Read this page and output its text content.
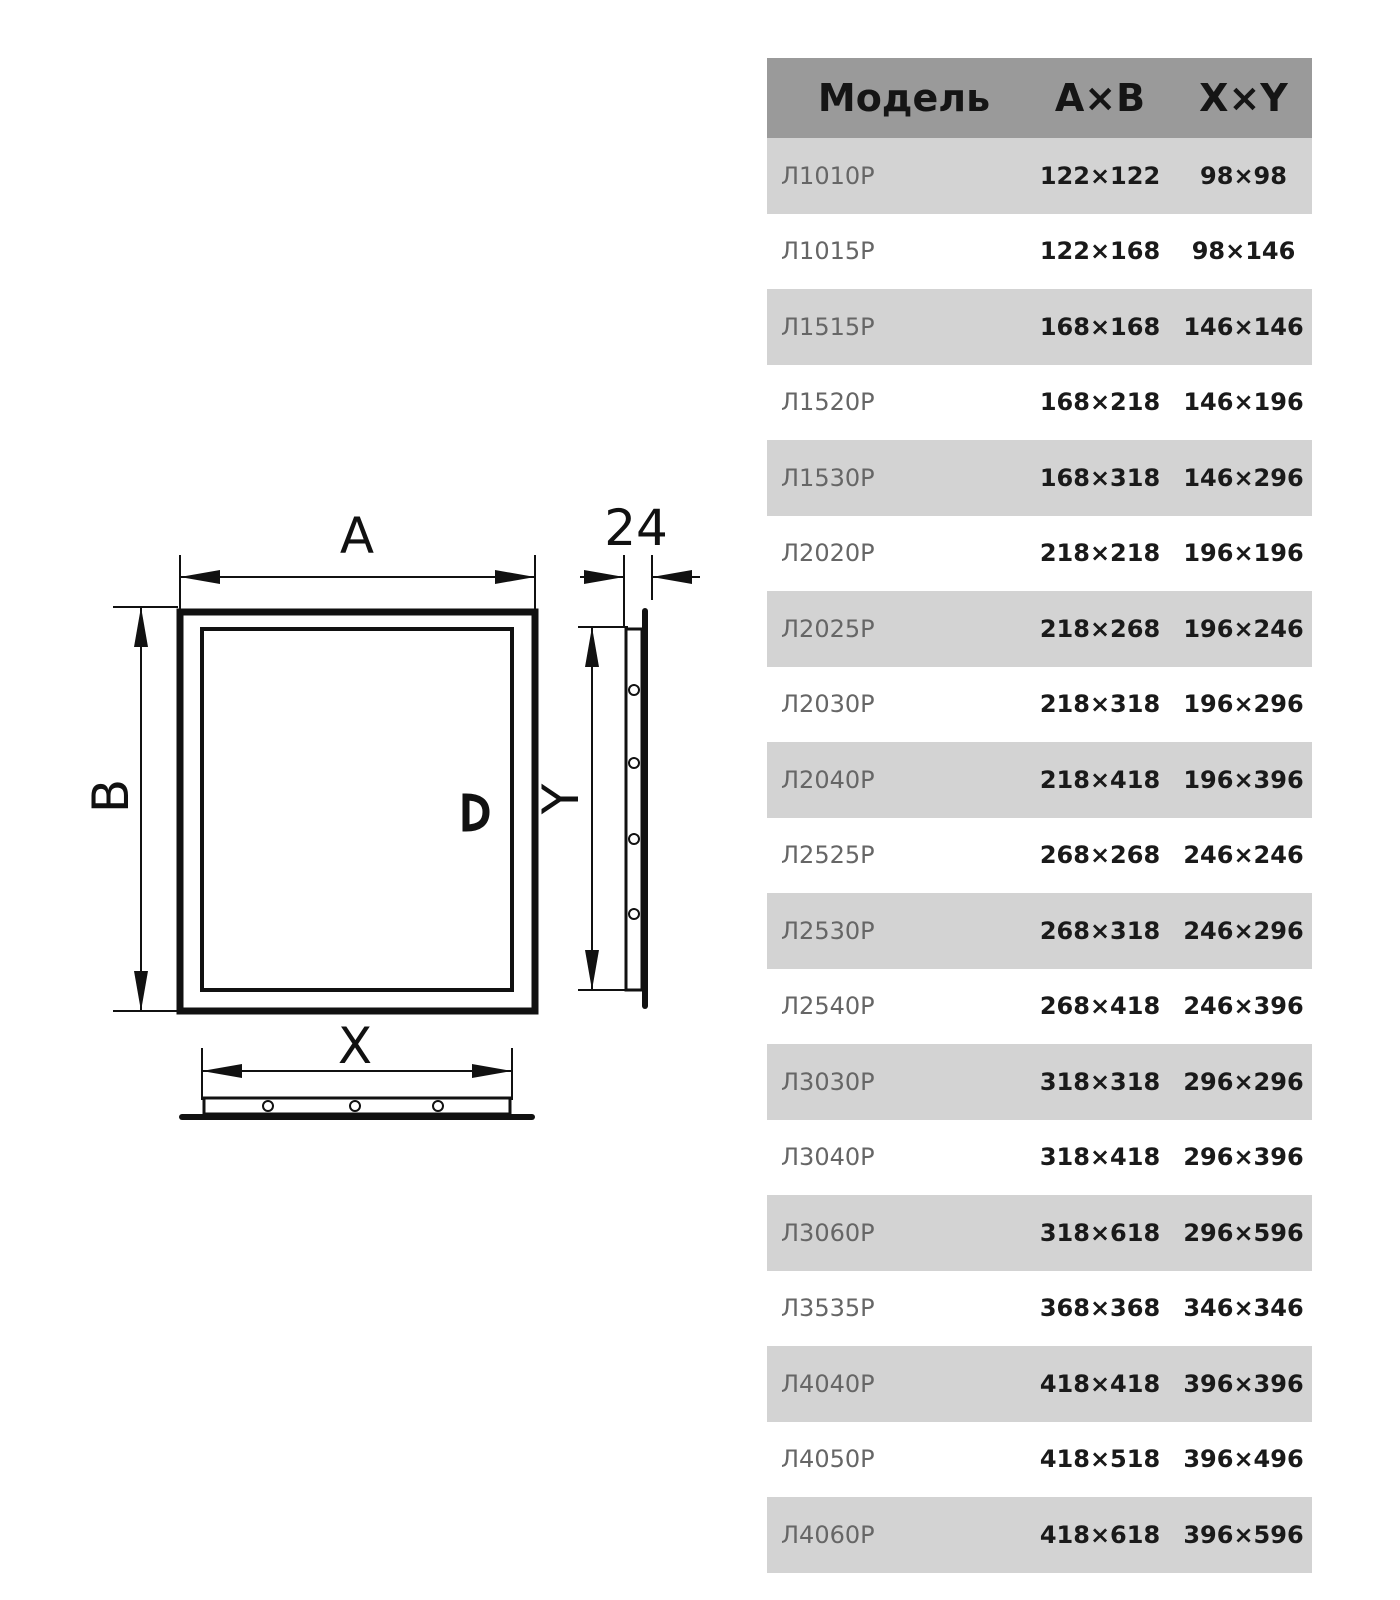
A
B
X
Y
24
Модель	A×B	X×Y
Л1010Р	122×122	98×98
Л1015Р	122×168	98×146
Л1515Р	168×168	146×146
Л1520Р	168×218	146×196
Л1530Р	168×318	146×296
Л2020Р	218×218	196×196
Л2025Р	218×268	196×246
Л2030Р	218×318	196×296
Л2040Р	218×418	196×396
Л2525Р	268×268	246×246
Л2530Р	268×318	246×296
Л2540Р	268×418	246×396
Л3030Р	318×318	296×296
Л3040Р	318×418	296×396
Л3060Р	318×618	296×596
Л3535Р	368×368	346×346
Л4040Р	418×418	396×396
Л4050Р	418×518	396×496
Л4060Р	418×618	396×596
